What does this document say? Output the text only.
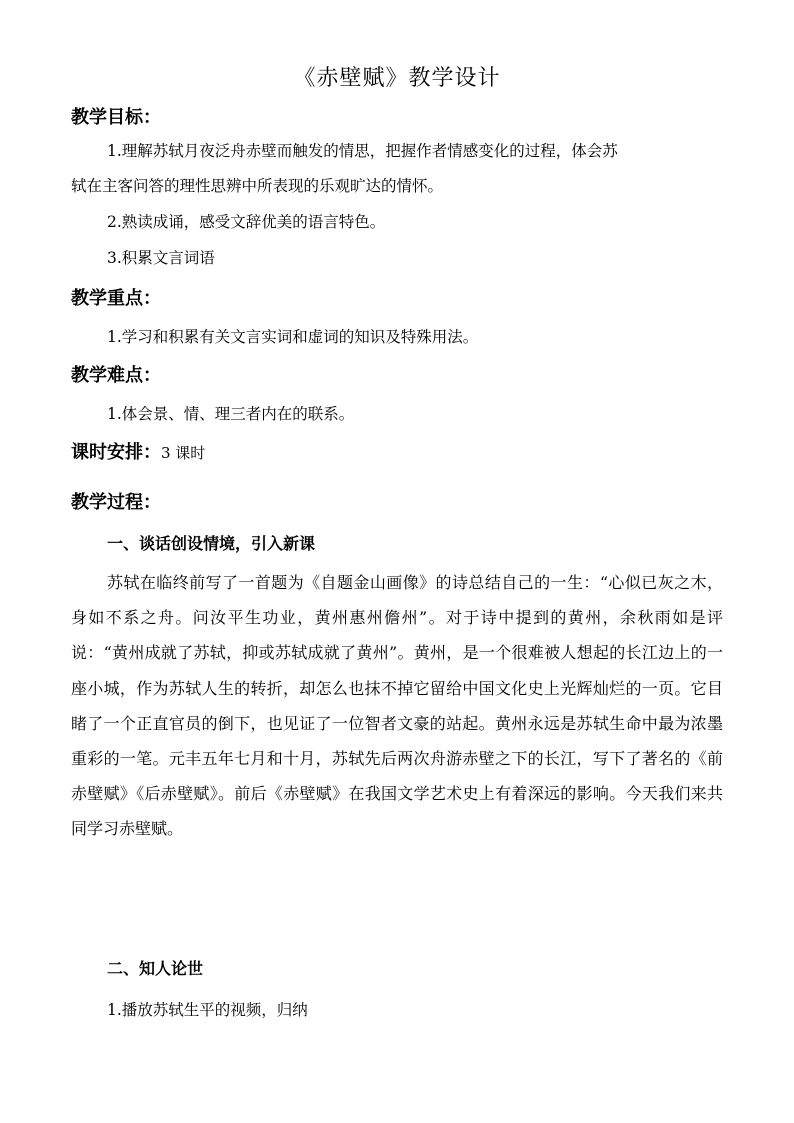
《赤壁赋》教学设计
教学目标：
1.理解苏轼月夜泛舟赤壁而触发的情思，把握作者情感变化的过程，体会苏
轼在主客问答的理性思辨中所表现的乐观旷达的情怀。
2.熟读成诵，感受文辞优美的语言特色。
3.积累文言词语
教学重点：
1.学习和积累有关文言实词和虚词的知识及特殊用法。
教学难点：
1.体会景、情、理三者内在的联系。
课时安排：3 课时
教学过程：
一、谈话创设情境，引入新课

苏轼在临终前写了一首题为《自题金山画像》的诗总结自己的一生：“心似已灰之木，身如不系之舟。问汝平生功业，黄州惠州儋州”。对于诗中提到的黄州，余秋雨如是评说：“黄州成就了苏轼，抑或苏轼成就了黄州”。黄州，是一个很难被人想起的长江边上的一座小城，作为苏轼人生的转折，却怎么也抹不掉它留给中国文化史上光辉灿烂的一页。它目睹了一个正直官员的倒下，也见证了一位智者文豪的站起。黄州永远是苏轼生命中最为浓墨重彩的一笔。元丰五年七月和十月，苏轼先后两次舟游赤壁之下的长江，写下了著名的《前赤壁赋》《后赤壁赋》。前后《赤壁赋》在我国文学艺术史上有着深远的影响。今天我们来共同学习赤壁赋。

二、知人论世
1.播放苏轼生平的视频，归纳
